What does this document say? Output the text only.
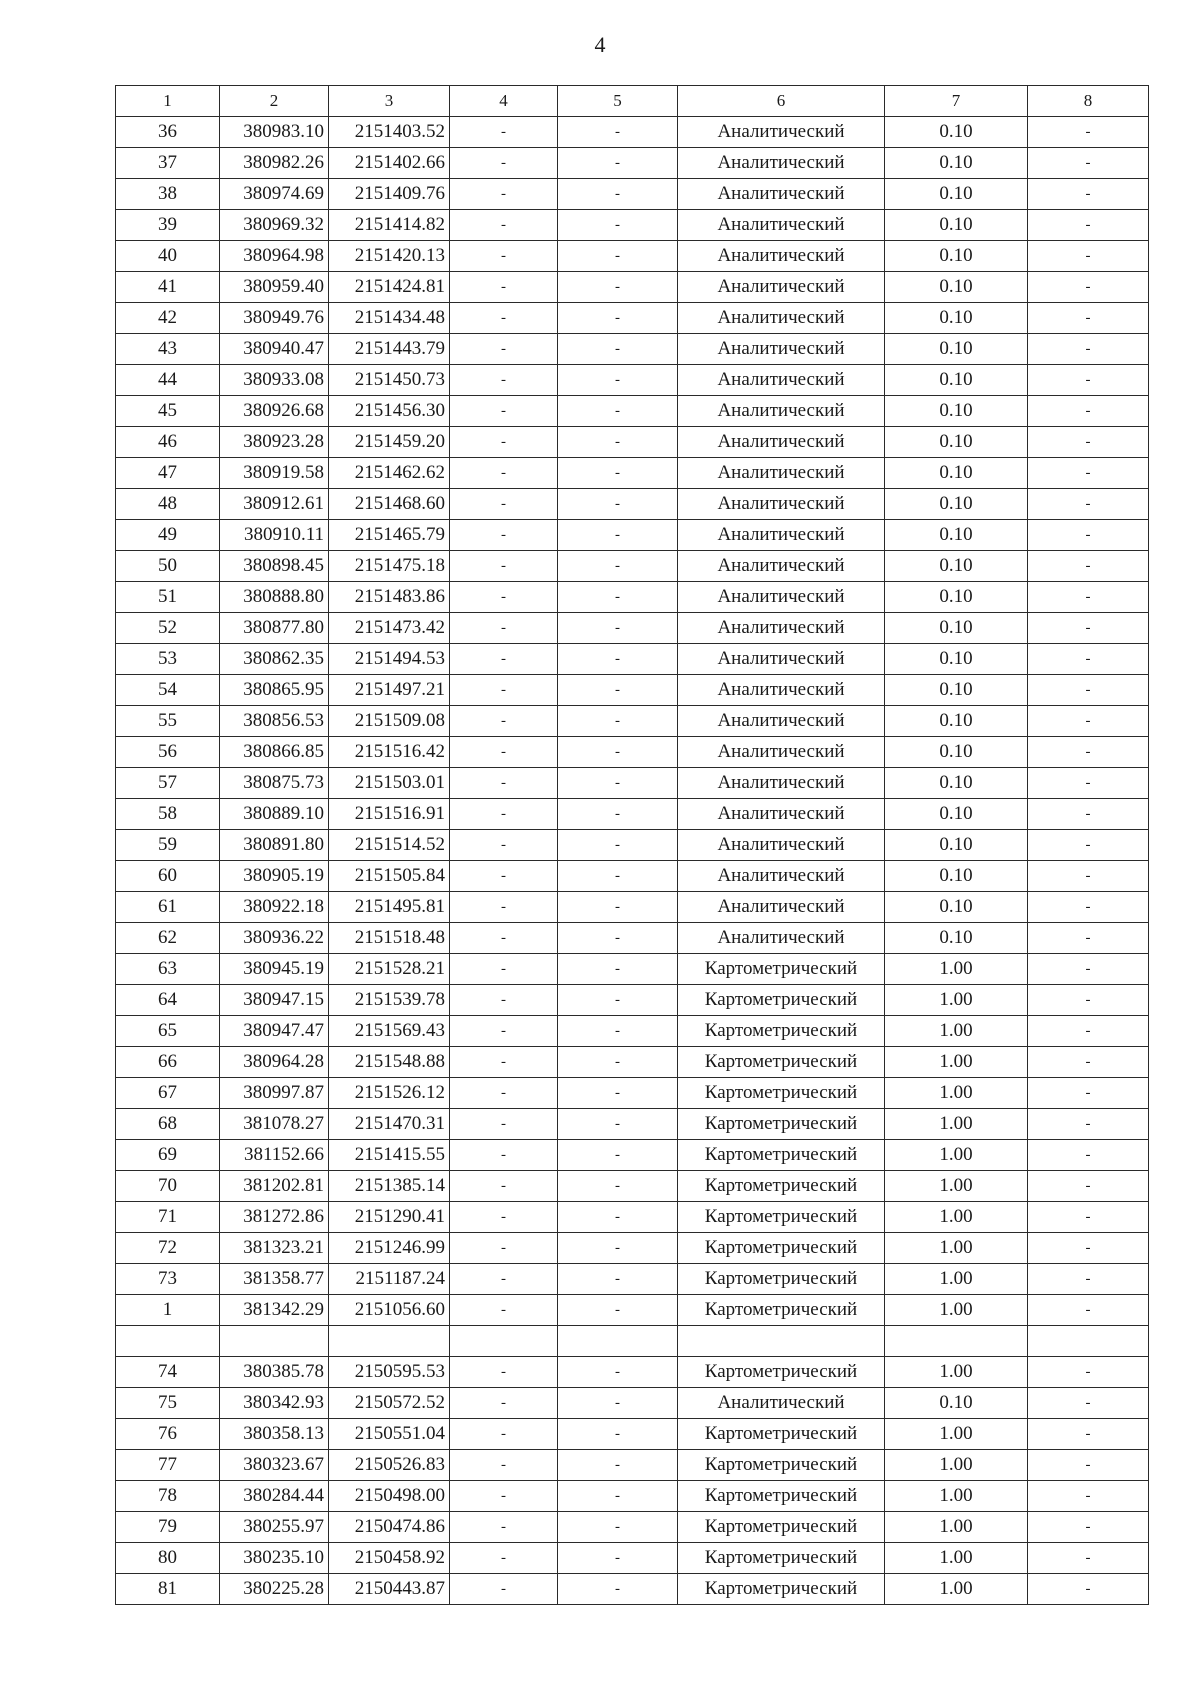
4
1	2	3	4	5	6	7	8
36	380983.10	2151403.52	-	-	Аналитический	0.10	-
37	380982.26	2151402.66	-	-	Аналитический	0.10	-
38	380974.69	2151409.76	-	-	Аналитический	0.10	-
39	380969.32	2151414.82	-	-	Аналитический	0.10	-
40	380964.98	2151420.13	-	-	Аналитический	0.10	-
41	380959.40	2151424.81	-	-	Аналитический	0.10	-
42	380949.76	2151434.48	-	-	Аналитический	0.10	-
43	380940.47	2151443.79	-	-	Аналитический	0.10	-
44	380933.08	2151450.73	-	-	Аналитический	0.10	-
45	380926.68	2151456.30	-	-	Аналитический	0.10	-
46	380923.28	2151459.20	-	-	Аналитический	0.10	-
47	380919.58	2151462.62	-	-	Аналитический	0.10	-
48	380912.61	2151468.60	-	-	Аналитический	0.10	-
49	380910.11	2151465.79	-	-	Аналитический	0.10	-
50	380898.45	2151475.18	-	-	Аналитический	0.10	-
51	380888.80	2151483.86	-	-	Аналитический	0.10	-
52	380877.80	2151473.42	-	-	Аналитический	0.10	-
53	380862.35	2151494.53	-	-	Аналитический	0.10	-
54	380865.95	2151497.21	-	-	Аналитический	0.10	-
55	380856.53	2151509.08	-	-	Аналитический	0.10	-
56	380866.85	2151516.42	-	-	Аналитический	0.10	-
57	380875.73	2151503.01	-	-	Аналитический	0.10	-
58	380889.10	2151516.91	-	-	Аналитический	0.10	-
59	380891.80	2151514.52	-	-	Аналитический	0.10	-
60	380905.19	2151505.84	-	-	Аналитический	0.10	-
61	380922.18	2151495.81	-	-	Аналитический	0.10	-
62	380936.22	2151518.48	-	-	Аналитический	0.10	-
63	380945.19	2151528.21	-	-	Картометрический	1.00	-
64	380947.15	2151539.78	-	-	Картометрический	1.00	-
65	380947.47	2151569.43	-	-	Картометрический	1.00	-
66	380964.28	2151548.88	-	-	Картометрический	1.00	-
67	380997.87	2151526.12	-	-	Картометрический	1.00	-
68	381078.27	2151470.31	-	-	Картометрический	1.00	-
69	381152.66	2151415.55	-	-	Картометрический	1.00	-
70	381202.81	2151385.14	-	-	Картометрический	1.00	-
71	381272.86	2151290.41	-	-	Картометрический	1.00	-
72	381323.21	2151246.99	-	-	Картометрический	1.00	-
73	381358.77	2151187.24	-	-	Картометрический	1.00	-
1	381342.29	2151056.60	-	-	Картометрический	1.00	-

74	380385.78	2150595.53	-	-	Картометрический	1.00	-
75	380342.93	2150572.52	-	-	Аналитический	0.10	-
76	380358.13	2150551.04	-	-	Картометрический	1.00	-
77	380323.67	2150526.83	-	-	Картометрический	1.00	-
78	380284.44	2150498.00	-	-	Картометрический	1.00	-
79	380255.97	2150474.86	-	-	Картометрический	1.00	-
80	380235.10	2150458.92	-	-	Картометрический	1.00	-
81	380225.28	2150443.87	-	-	Картометрический	1.00	-
